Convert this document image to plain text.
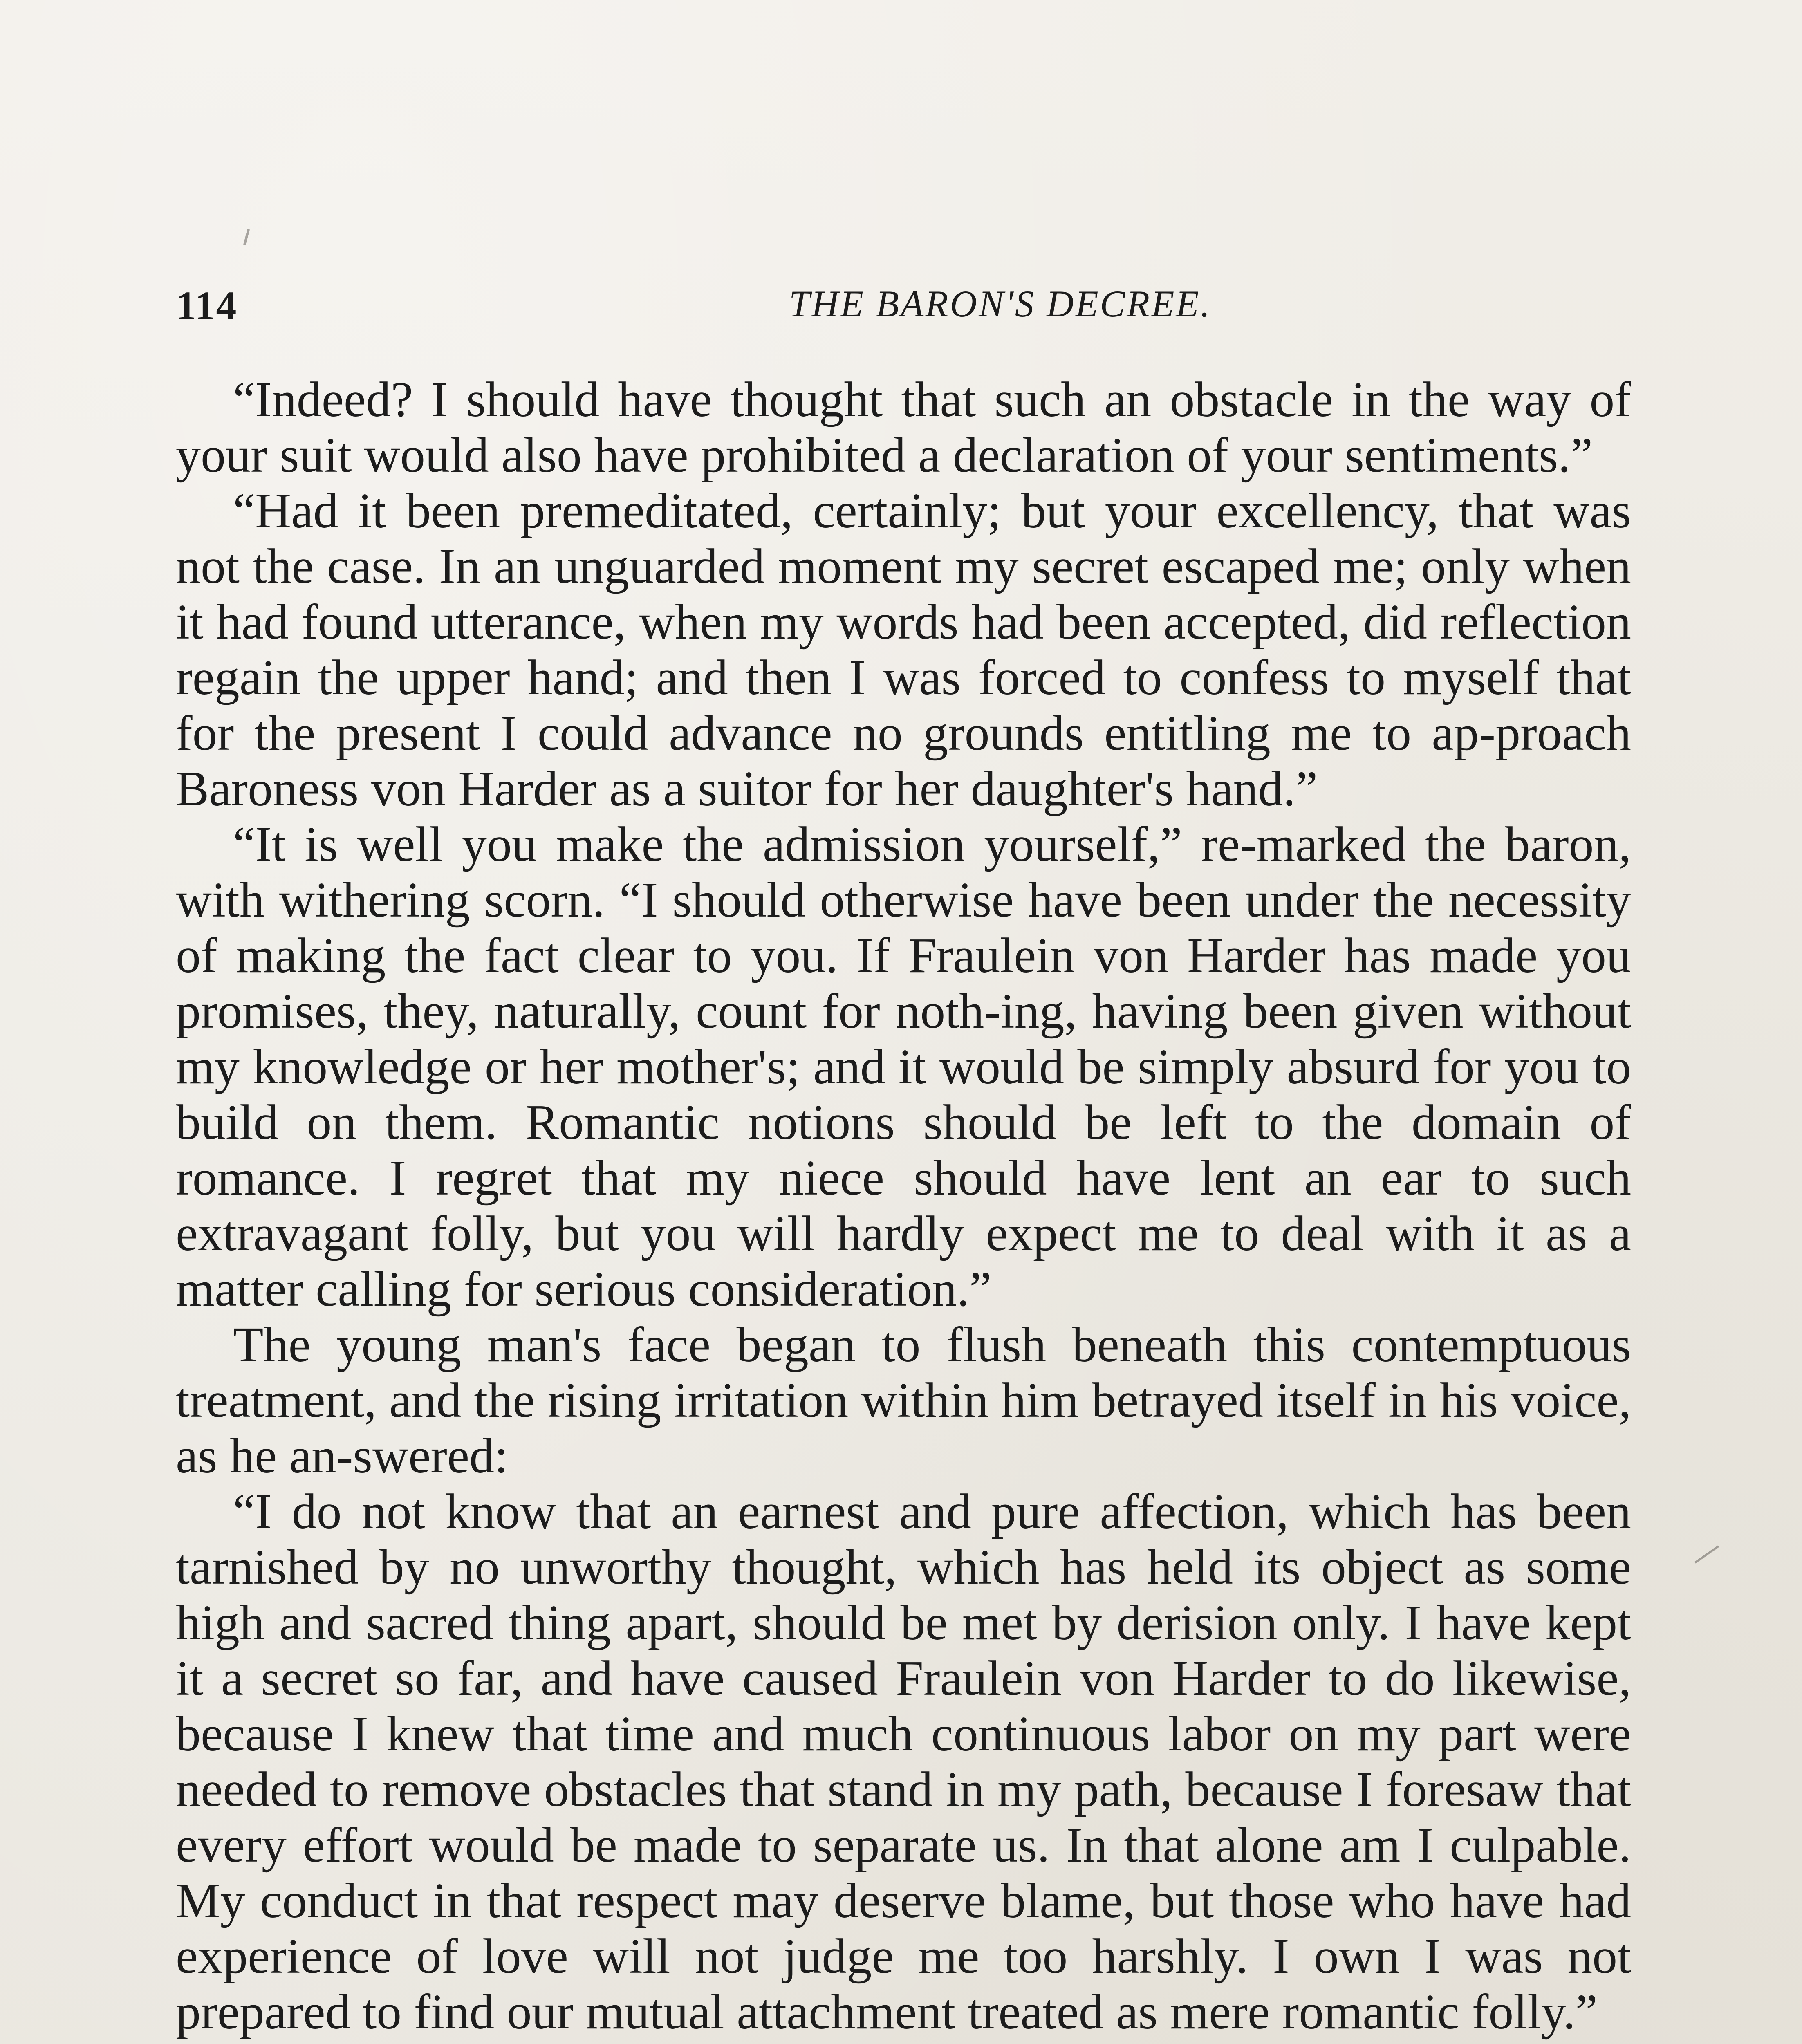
114	THE BARON'S DECREE.

“Indeed? I should have thought that such an obstacle in the way of your suit would also have prohibited a declaration of your sentiments.”

“Had it been premeditated, certainly; but your excellency, that was not the case. In an unguarded moment my secret escaped me; only when it had found utterance, when my words had been accepted, did reflection regain the upper hand; and then I was forced to confess to myself that for the present I could advance no grounds entitling me to ap-proach Baroness von Harder as a suitor for her daughter's hand.”

“It is well you make the admission yourself,” re-marked the baron, with withering scorn. “I should otherwise have been under the necessity of making the fact clear to you. If Fraulein von Harder has made you promises, they, naturally, count for noth-ing, having been given without my knowledge or her mother's; and it would be simply absurd for you to build on them. Romantic notions should be left to the domain of romance. I regret that my niece should have lent an ear to such extravagant folly, but you will hardly expect me to deal with it as a matter calling for serious consideration.”

The young man's face began to flush beneath this contemptuous treatment, and the rising irritation within him betrayed itself in his voice, as he an-swered:

“I do not know that an earnest and pure affection, which has been tarnished by no unworthy thought, which has held its object as some high and sacred thing apart, should be met by derision only. I have kept it a secret so far, and have caused Fraulein von Harder to do likewise, because I knew that time and much continuous labor on my part were needed to remove obstacles that stand in my path, because I foresaw that every effort would be made to separate us. In that alone am I culpable. My conduct in that respect may deserve blame, but those who have had experience of love will not judge me too harshly. I own I was not prepared to find our mutual attachment treated as mere romantic folly.”
